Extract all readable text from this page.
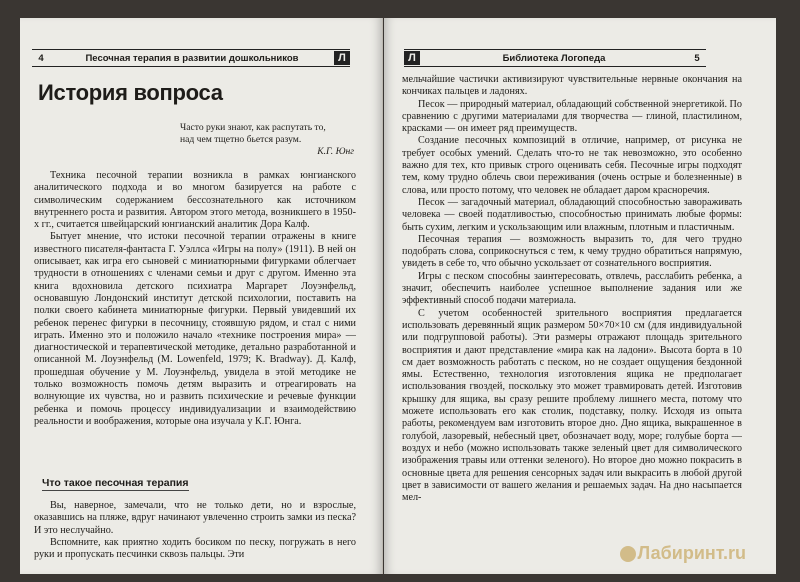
4	Песочная терапия в развитии дошкольников	Л
История вопроса
Часто руки знают, как распутать то,
над чем тщетно бьется разум.
К.Г. Юнг

Техника песочной терапии возникла в рамках юнгианского аналитического подхода и во многом базируется на работе с символическим содержанием бессознательного как источником внутреннего роста и развития. Автором этого метода, возникшего в 1950-х гг., считается швейцарский юнгианский аналитик Дора Калф.

Бытует мнение, что истоки песочной терапии отражены в книге известного писателя-фантаста Г. Уэллса «Игры на полу» (1911). В ней он описывает, как игра его сыновей с миниатюрными фигурками облегчает трудности в отношениях с членами семьи и друг с другом. Именно эта книга вдохновила детского психиатра Маргарет Лоуэнфельд, основавшую Лондонский институт детской психологии, поставить на полки своего кабинета миниатюрные фигурки. Первый увидевший их ребенок перенес фигурки в песочницу, стоявшую рядом, и стал с ними играть. Именно это и положило начало «технике построения мира» — диагностической и терапевтической методике, детально разработанной и описанной М. Лоуэнфельд (M. Lowenfeld, 1979; K. Bradway). Д. Калф, прошедшая обучение у М. Лоуэнфельд, увидела в этой методике не только возможность помочь детям выразить и отреагировать на волнующие их чувства, но и развить психические и речевые функции ребенка и помочь процессу индивидуализации и взаимодействию реальности и воображения, которые она изучала у К.Г. Юнга.

Что такое песочная терапия

Вы, наверное, замечали, что не только дети, но и взрослые, оказавшись на пляже, вдруг начинают увлеченно строить замки из песка? И это неслучайно.

Вспомните, как приятно ходить босиком по песку, погружать в него руки и пропускать песчинки сквозь пальцы. Эти

Л	Библиотека Логопеда	5

мельчайшие частички активизируют чувствительные нервные окончания на кончиках пальцев и ладонях.

Песок — природный материал, обладающий собственной энергетикой. По сравнению с другими материалами для творчества — глиной, пластилином, красками — он имеет ряд преимуществ.

Создание песочных композиций в отличие, например, от рисунка не требует особых умений. Сделать что-то не так невозможно, это особенно важно для тех, кто привык строго оценивать себя. Песочные игры подходят тем, кому трудно облечь свои переживания (очень острые и болезненные) в слова, или просто потому, что человек не обладает даром красноречия.

Песок — загадочный материал, обладающий способностью завораживать человека — своей податливостью, способностью принимать любые формы: быть сухим, легким и ускользающим или влажным, плотным и пластичным.

Песочная терапия — возможность выразить то, для чего трудно подобрать слова, соприкоснуться с тем, к чему трудно обратиться напрямую, увидеть в себе то, что обычно ускользает от сознательного восприятия.

Игры с песком способны заинтересовать, отвлечь, расслабить ребенка, а значит, обеспечить наиболее успешное выполнение задания или же эффективный способ подачи материала.

С учетом особенностей зрительного восприятия предлагается использовать деревянный ящик размером 50×70×10 см (для индивидуальной или подгрупповой работы). Эти размеры отражают площадь зрительного восприятия и дают представление «мира как на ладони». Высота борта в 10 см дает возможность работать с песком, но не создает ощущения бездонной ямы. Естественно, технология изготовления ящика не предполагает использования гвоздей, поскольку это может травмировать детей. Изготовив крышку для ящика, вы сразу решите проблему лишнего места, потому что можете использовать его как столик, подставку, полку. Исходя из опыта работы, рекомендуем вам изготовить второе дно. Дно ящика, выкрашенное в голубой, лазоревый, небесный цвет, обозначает воду, море; голубые борта — воздух и небо (можно использовать также зеленый цвет для символического изображения травы или оттенки зеленого). Но второе дно можно покрасить в основные цвета для решения сенсорных задач или выкрасить в любой другой цвет в зависимости от вашего желания и решаемых задач. На дно насыпается мел-

Лабиринт.ru
